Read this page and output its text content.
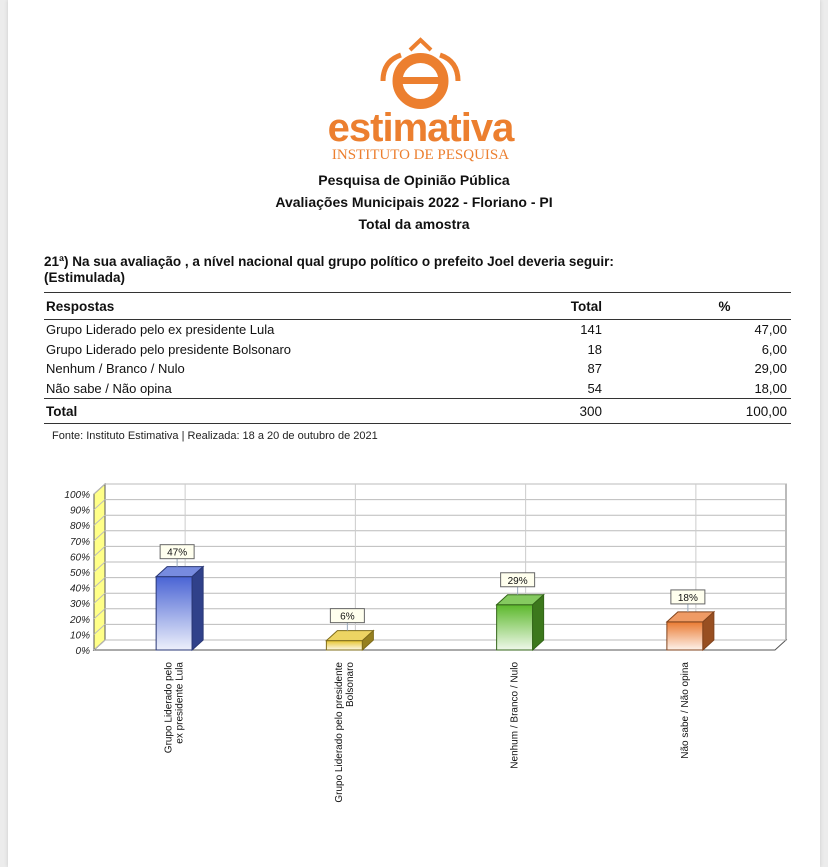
estimativa
INSTITUTO DE PESQUISA
Pesquisa de Opinião Pública
Avaliações Municipais 2022 - Floriano - PI
Total da amostra
21ª) Na sua avaliação , a nível nacional qual grupo político o prefeito Joel deveria seguir:
(Estimulada)
Respostas	Total	%
Grupo Liderado pelo ex presidente Lula	141	47,00
Grupo Liderado pelo presidente Bolsonaro	18	6,00
Nenhum / Branco / Nulo	87	29,00
Não sabe / Não opina	54	18,00
Total	300	100,00
Fonte: Instituto Estimativa | Realizada: 18 a 20 de outubro de 2021
0%
10%
20%
30%
40%
50%
60%
70%
80%
90%
100%
47%
Grupo Liderado pelo ex presidente Lula
6%
Grupo Liderado pelo presidente Bolsonaro
29%
Nenhum / Branco / Nulo
18%
Não sabe / Não opina
